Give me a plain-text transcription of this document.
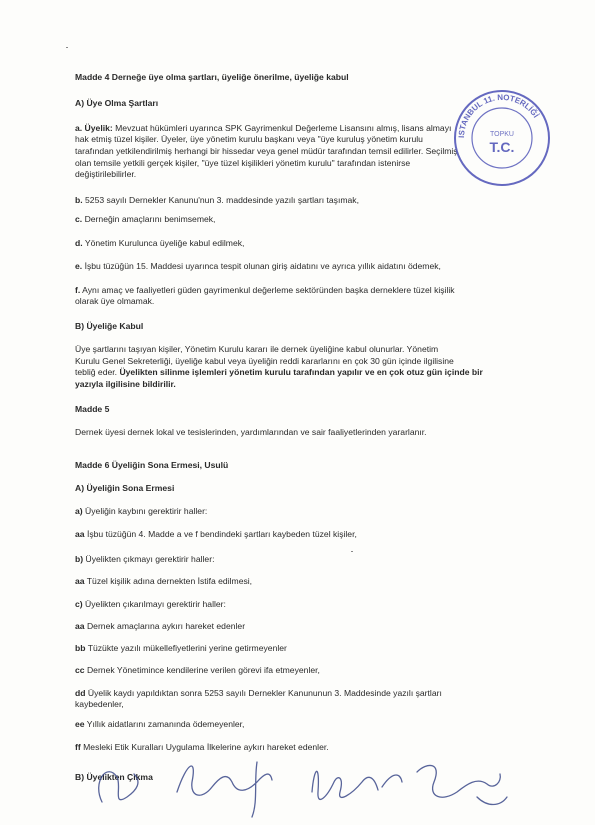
Madde 4 Derneğe üye olma şartları, üyeliğe önerilme, üyeliğe kabul
A) Üye Olma Şartları
a. Üyelik: Mevzuat hükümleri uyarınca SPK Gayrimenkul Değerleme Lisansını almış, lisans almayı
hak etmiş tüzel kişiler. Üyeler, üye yönetim kurulu başkanı veya "üye kuruluş yönetim kurulu
tarafından yetkilendirilmiş herhangi bir hissedar veya genel müdür tarafından temsil edilirler. Seçilmiş
olan temsile yetkili gerçek kişiler, "üye tüzel kişilikleri yönetim kurulu" tarafından istenirse
değiştirilebilirler.
b. 5253 sayılı Dernekler Kanunu'nun 3. maddesinde yazılı şartları taşımak,
c. Derneğin amaçlarını benimsemek,
d. Yönetim Kurulunca üyeliğe kabul edilmek,
e. İşbu tüzüğün 15. Maddesi uyarınca tespit olunan giriş aidatını ve ayrıca yıllık aidatını ödemek,
f. Aynı amaç ve faaliyetleri güden gayrimenkul değerleme sektöründen başka derneklere tüzel kişilik
olarak üye olmamak.
B) Üyeliğe Kabul
Üye şartlarını taşıyan kişiler, Yönetim Kurulu kararı ile dernek üyeliğine kabul olunurlar. Yönetim
Kurulu Genel Sekreterliği, üyeliğe kabul veya üyeliğin reddi kararlarını en çok 30 gün içinde ilgilisine
tebliğ eder. Üyelikten silinme işlemleri yönetim kurulu tarafından yapılır ve en çok otuz gün içinde bir
yazıyla ilgilisine bildirilir.
Madde 5
Dernek üyesi dernek lokal ve tesislerinden, yardımlarından ve sair faaliyetlerinden yararlanır.
Madde 6 Üyeliğin Sona Ermesi, Usulü
A) Üyeliğin Sona Ermesi
a) Üyeliğin kaybını gerektirir haller:
aa İşbu tüzüğün 4. Madde a ve f bendindeki şartları kaybeden tüzel kişiler,
b) Üyelikten çıkmayı gerektirir haller:
aa Tüzel kişilik adına dernekten İstifa edilmesi,
c) Üyelikten çıkarılmayı gerektirir haller:
aa Dernek amaçlarına aykırı hareket edenler
bb Tüzükte yazılı mükellefiyetlerini yerine getirmeyenler
cc Dernek Yönetimince kendilerine verilen görevi ifa etmeyenler,
dd Üyelik kaydı yapıldıktan sonra 5253 sayılı Dernekler Kanununun 3. Maddesinde yazılı şartları
kaybedenler,
ee Yıllık aidatlarını zamanında ödemeyenler,
ff Mesleki Etik Kuralları Uygulama İlkelerine aykırı hareket edenler.
B) Üyelikten Çıkma
ISTANBUL 11. NOTERLİĞİ
TOPKU
T.C.
